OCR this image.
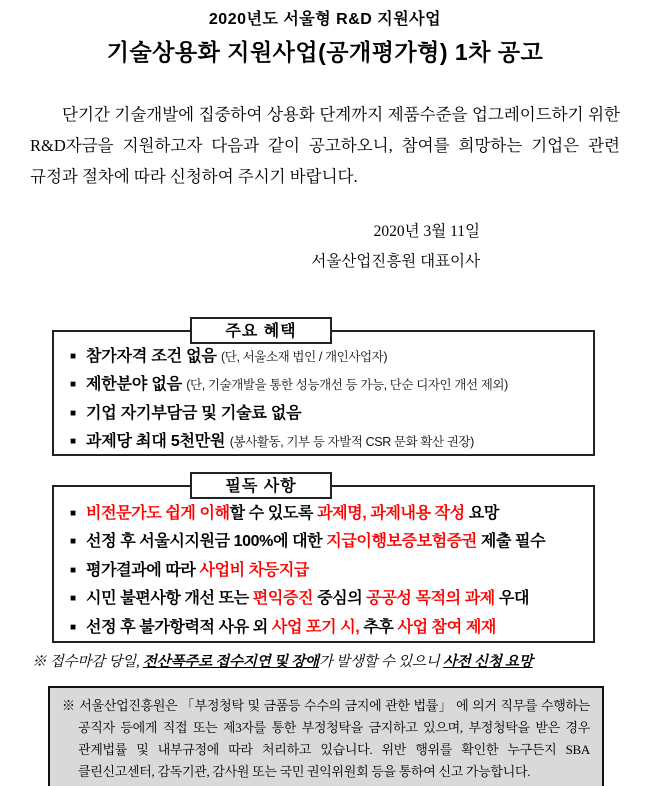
2020년도 서울형 R&D 지원사업
기술상용화 지원사업(공개평가형) 1차 공고

단기간 기술개발에 집중하여 상용화 단계까지 제품수준을 업그레이드하기 위한 R&D자금을 지원하고자 다음과 같이 공고하오니, 참여를 희망하는 기업은 관련 규정과 절차에 따라 신청하여 주시기 바랍니다.

2020년 3월 11일
서울산업진흥원 대표이사
주요 혜택
■ 참가자격 조건 없음 (단, 서울소재 법인 / 개인사업자)
■ 제한분야 없음 (단, 기술개발을 통한 성능개선 등 가능, 단순 디자인 개선 제외)
■ 기업 자기부담금 및 기술료 없음
■ 과제당 최대 5천만원 (봉사활동, 기부 등 자발적 CSR 문화 확산 권장)
필독 사항
■ 비전문가도 쉽게 이해할 수 있도록 과제명, 과제내용 작성 요망
■ 선정 후 서울시지원금 100%에 대한 지급이행보증보험증권 제출 필수
■ 평가결과에 따라 사업비 차등지급
■ 시민 불편사항 개선 또는 편익증진 중심의 공공성 목적의 과제 우대
■ 선정 후 불가항력적 사유 외 사업 포기 시, 추후 사업 참여 제재
※ 접수마감 당일, 전산폭주로 접수지연 및 장애가 발생할 수 있으니 사전 신청 요망
※ 서울산업진흥원은 「부정청탁 및 금품등 수수의 금지에 관한 법률」 에 의거 직무를 수행하는 공직자 등에게 직접 또는 제3자를 통한 부정청탁을 금지하고 있으며, 부정청탁을 받은 경우 관계법률 및 내부규정에 따라 처리하고 있습니다. 위반 행위를 확인한 누구든지 SBA 클린신고센터, 감독기관, 감사원 또는 국민 권익위원회 등을 통하여 신고 가능합니다.
